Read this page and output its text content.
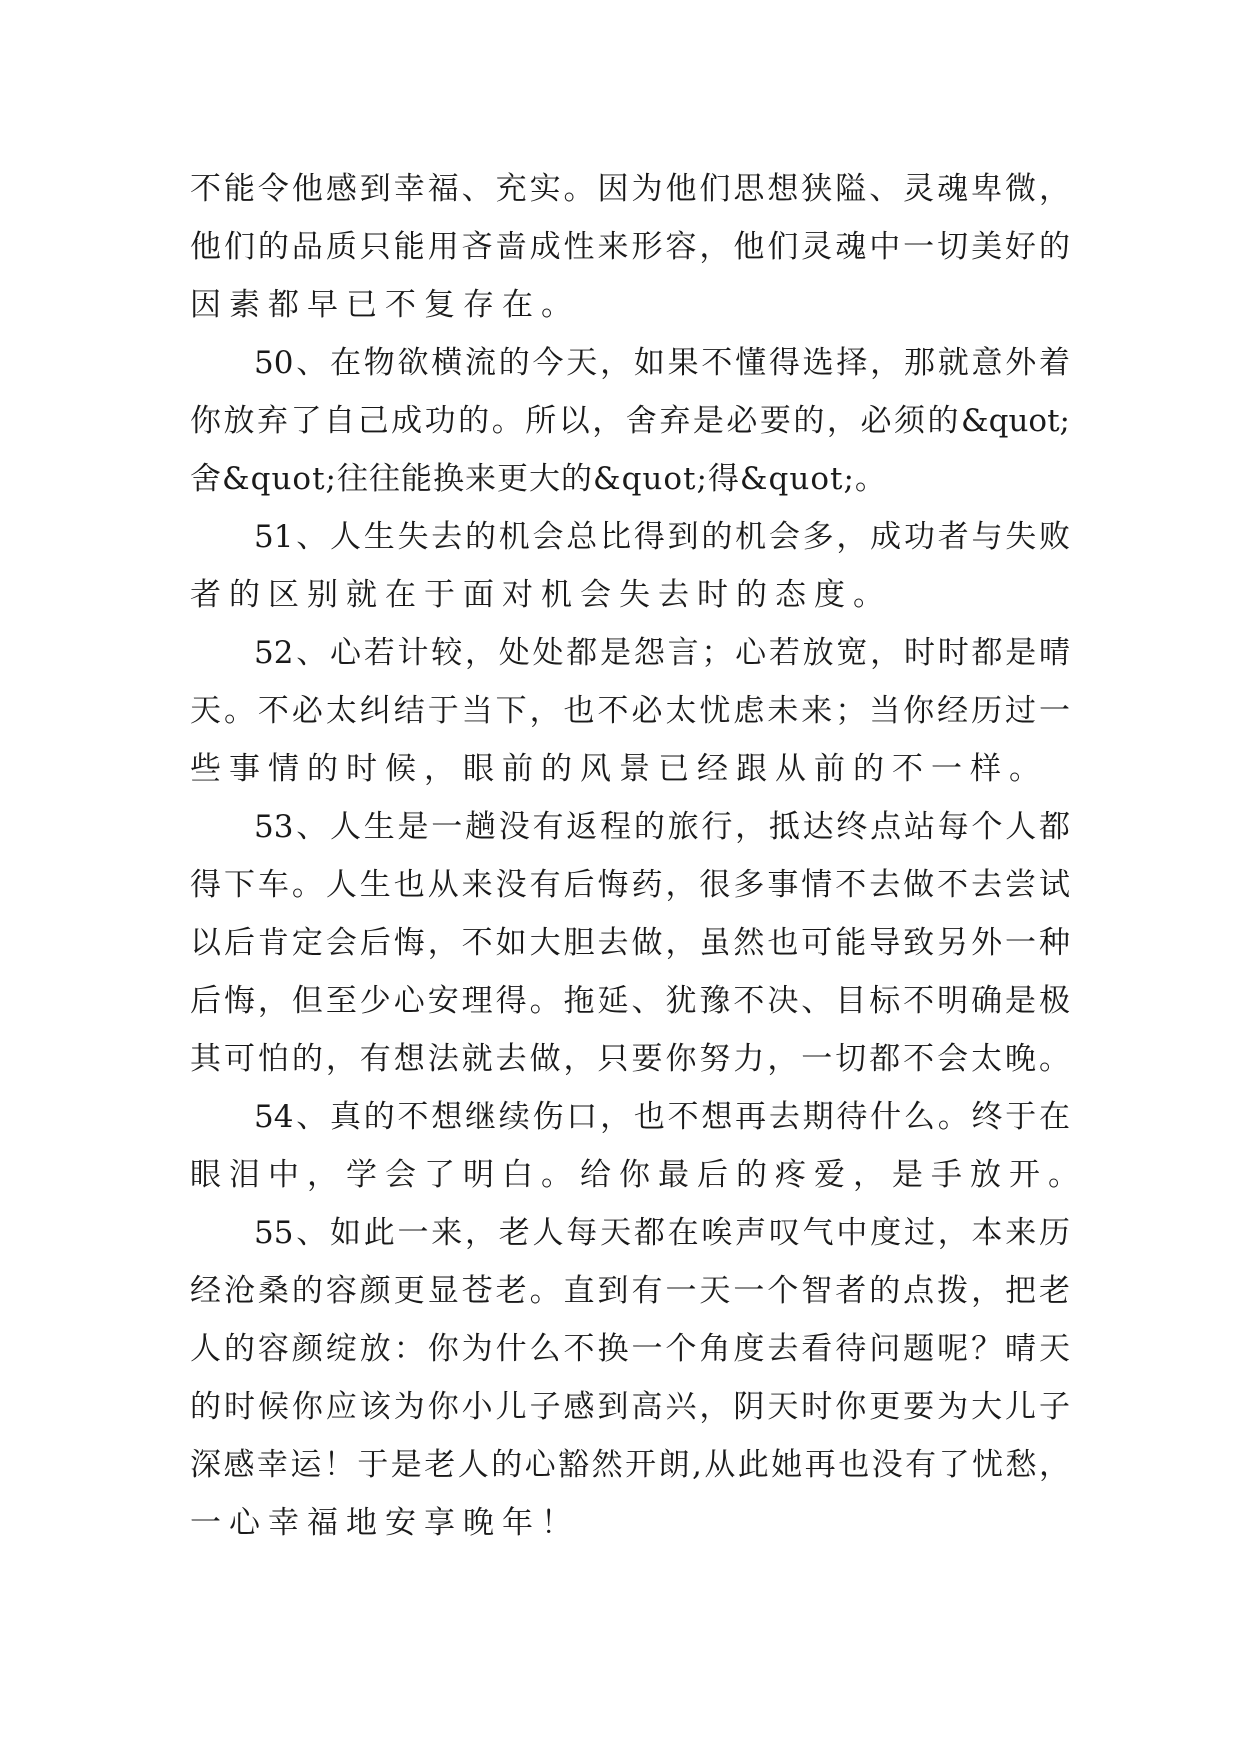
不能令他感到幸福、充实。因为他们思想狭隘、灵魂卑微，
他们的品质只能用吝啬成性来形容，他们灵魂中一切美好的
因素都早已不复存在。
50、在物欲横流的今天，如果不懂得选择，那就意外着
你放弃了自己成功的。所以，舍弃是必要的，必须的&quot;
舍&quot;往往能换来更大的&quot;得&quot;。
51、人生失去的机会总比得到的机会多，成功者与失败
者的区别就在于面对机会失去时的态度。
52、心若计较，处处都是怨言；心若放宽，时时都是晴
天。不必太纠结于当下，也不必太忧虑未来；当你经历过一
些事情的时候，眼前的风景已经跟从前的不一样。
53、人生是一趟没有返程的旅行，抵达终点站每个人都
得下车。人生也从来没有后悔药，很多事情不去做不去尝试
以后肯定会后悔，不如大胆去做，虽然也可能导致另外一种
后悔，但至少心安理得。拖延、犹豫不决、目标不明确是极
其可怕的，有想法就去做，只要你努力，一切都不会太晚。
54、真的不想继续伤口，也不想再去期待什么。终于在
眼泪中，学会了明白。给你最后的疼爱，是手放开。
55、如此一来，老人每天都在唉声叹气中度过，本来历
经沧桑的容颜更显苍老。直到有一天一个智者的点拨，把老
人的容颜绽放：你为什么不换一个角度去看待问题呢？晴天
的时候你应该为你小儿子感到高兴，阴天时你更要为大儿子
深感幸运！于是老人的心豁然开朗,从此她再也没有了忧愁，
一心幸福地安享晚年！
